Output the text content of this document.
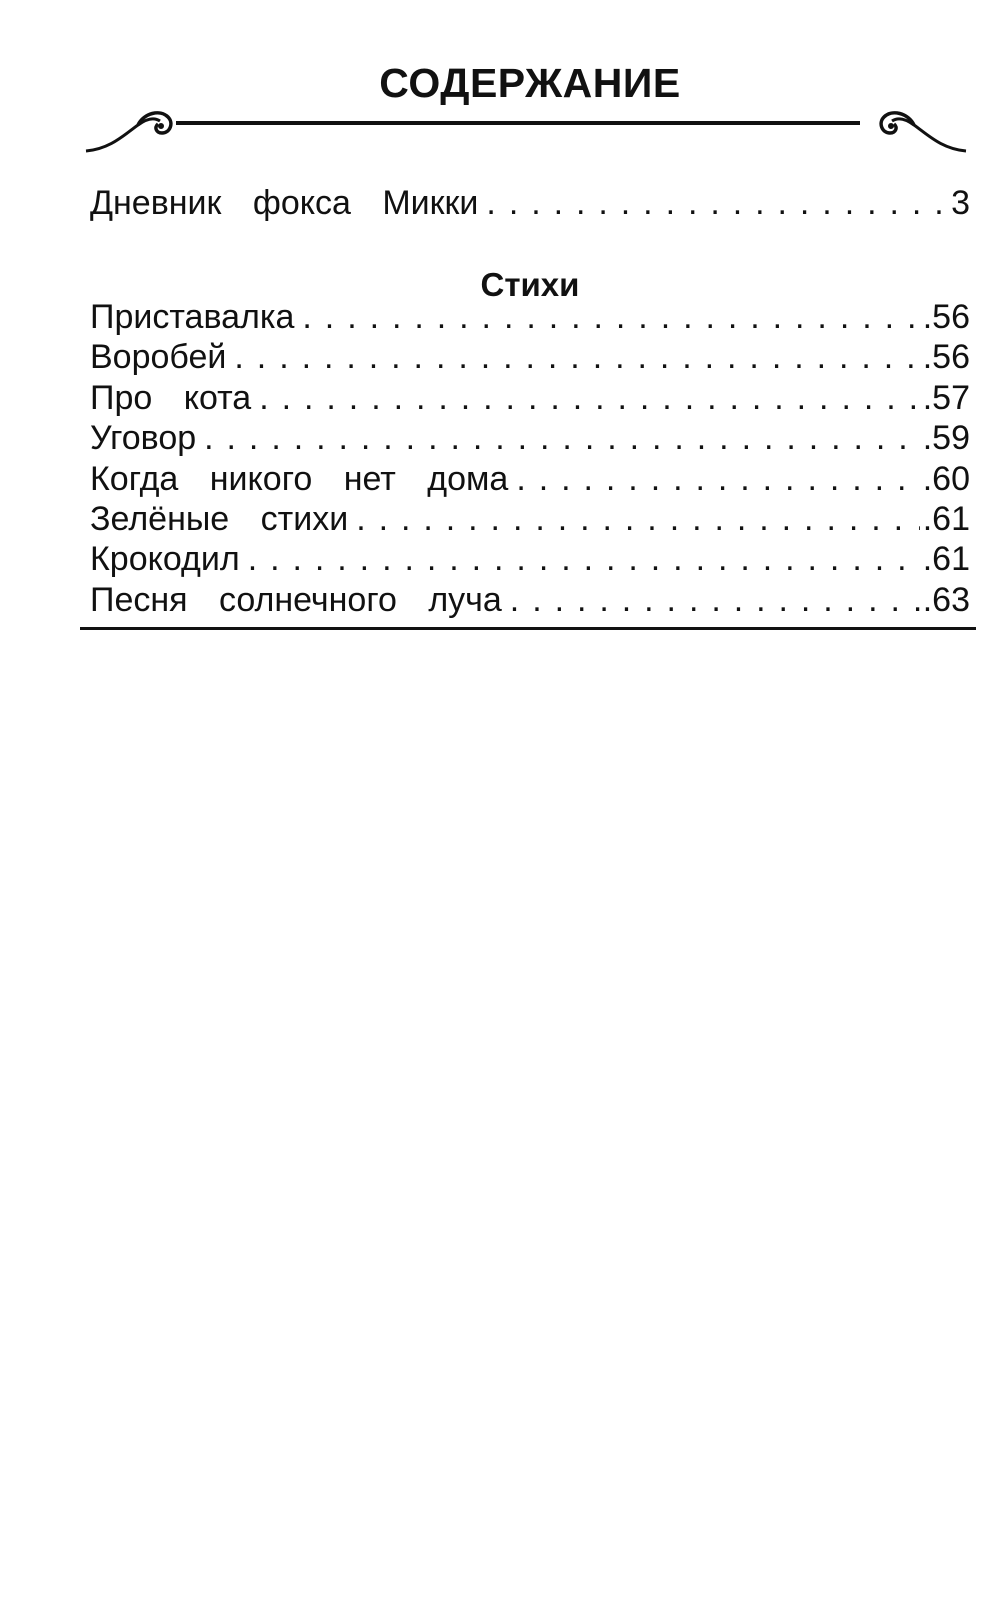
СОДЕРЖАНИЕ
Дневник фокса Микки . . .	3
Стихи
Приставалка . . .	.56
Воробей . . .	.56
Про кота . . .	.57
Уговор . . .	.59
Когда никого нет дома . . .	.60
Зелёные стихи . . .	.61
Крокодил . . .	.61
Песня солнечного луча . . .	.63
